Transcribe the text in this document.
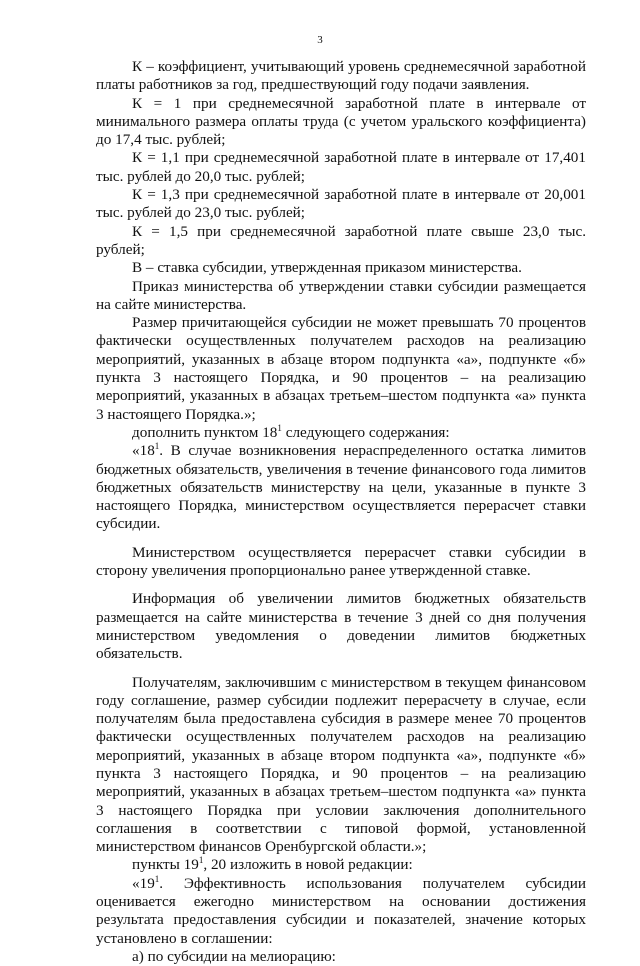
3

К – коэффициент, учитывающий уровень среднемесячной заработной платы работников за год, предшествующий году подачи заявления.

К = 1 при среднемесячной заработной плате в интервале от минимального размера оплаты труда (с учетом уральского коэффициента) до 17,4 тыс. рублей;

К = 1,1 при среднемесячной заработной плате в интервале от 17,401 тыс. рублей до 20,0 тыс. рублей;

К = 1,3 при среднемесячной заработной плате в интервале от 20,001 тыс. рублей до 23,0 тыс. рублей;

К = 1,5 при среднемесячной заработной плате свыше 23,0 тыс. рублей;

В – ставка субсидии, утвержденная приказом министерства.

Приказ министерства об утверждении ставки субсидии размещается на сайте министерства.

Размер причитающейся субсидии не может превышать 70 процентов фактически осуществленных получателем расходов на реализацию мероприятий, указанных в абзаце втором подпункта «а», подпункте «б» пункта 3 настоящего Порядка, и 90 процентов – на реализацию мероприятий, указанных в абзацах третьем–шестом подпункта «а» пункта 3 настоящего Порядка.»;

дополнить пунктом $18^1$ следующего содержания:

«$18^1$. В случае возникновения нераспределенного остатка лимитов бюджетных обязательств, увеличения в течение финансового года лимитов бюджетных обязательств министерству на цели, указанные в пункте 3 настоящего Порядка, министерством осуществляется перерасчет ставки субсидии.

Министерством осуществляется перерасчет ставки субсидии в сторону увеличения пропорционально ранее утвержденной ставке.

Информация об увеличении лимитов бюджетных обязательств размещается на сайте министерства в течение 3 дней со дня получения министерством уведомления о доведении лимитов бюджетных обязательств.

Получателям, заключившим с министерством в текущем финансовом году соглашение, размер субсидии подлежит перерасчету в случае, если получателям была предоставлена субсидия в размере менее 70 процентов фактически осуществленных получателем расходов на реализацию мероприятий, указанных в абзаце втором подпункта «а», подпункте «б» пункта 3 настоящего Порядка, и 90 процентов – на реализацию мероприятий, указанных в абзацах третьем–шестом подпункта «а» пункта 3 настоящего Порядка при условии заключения дополнительного соглашения в соответствии с типовой формой, установленной министерством финансов Оренбургской области.»;

пункты $19^1$, 20 изложить в новой редакции:

«$19^1$. Эффективность использования получателем субсидии оценивается ежегодно министерством на основании достижения результата предоставления субсидии и показателей, значение которых установлено в соглашении:

а) по субсидии на мелиорацию:
